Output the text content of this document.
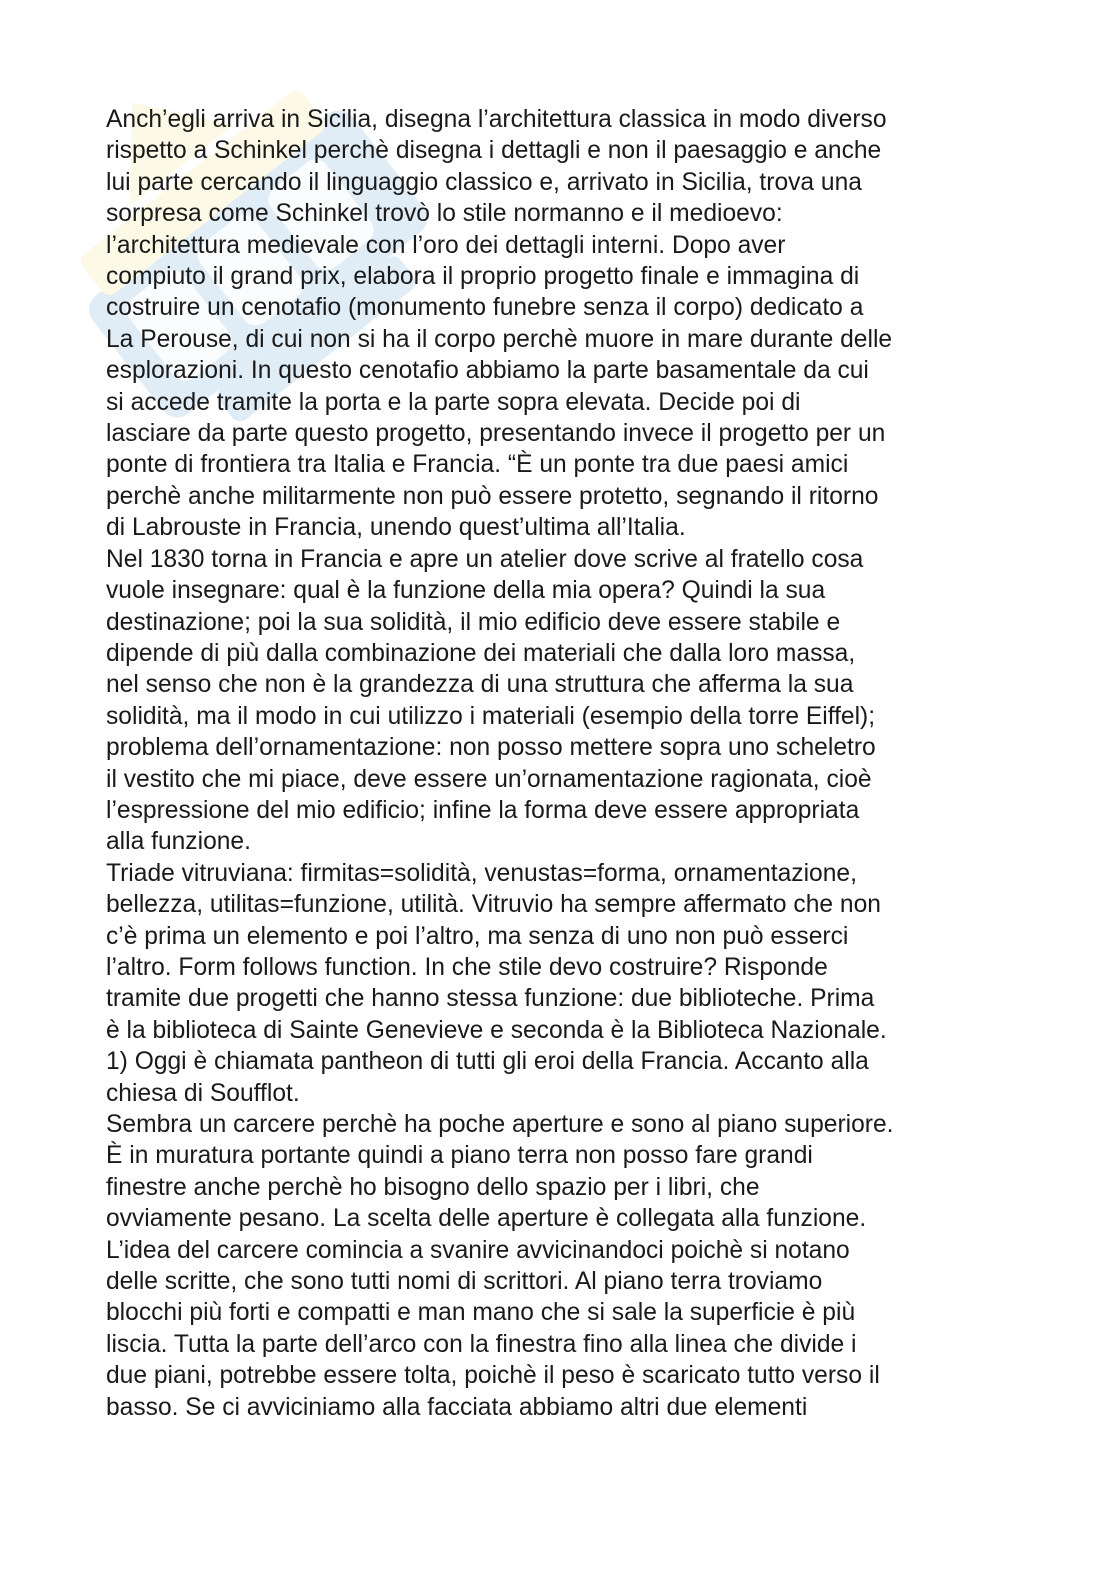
Anch’egli arriva in Sicilia, disegna l’architettura classica in modo diverso
rispetto a Schinkel perchè disegna i dettagli e non il paesaggio e anche
lui parte cercando il linguaggio classico e, arrivato in Sicilia, trova una
sorpresa come Schinkel trovò lo stile normanno e il medioevo:
l’architettura medievale con l’oro dei dettagli interni. Dopo aver
compiuto il grand prix, elabora il proprio progetto finale e immagina di
costruire un cenotafio (monumento funebre senza il corpo) dedicato a
La Perouse, di cui non si ha il corpo perchè muore in mare durante delle
esplorazioni. In questo cenotafio abbiamo la parte basamentale da cui
si accede tramite la porta e la parte sopra elevata. Decide poi di
lasciare da parte questo progetto, presentando invece il progetto per un
ponte di frontiera tra Italia e Francia. “È un ponte tra due paesi amici
perchè anche militarmente non può essere protetto, segnando il ritorno
di Labrouste in Francia, unendo quest’ultima all’Italia.
Nel 1830 torna in Francia e apre un atelier dove scrive al fratello cosa
vuole insegnare: qual è la funzione della mia opera? Quindi la sua
destinazione; poi la sua solidità, il mio edificio deve essere stabile e
dipende di più dalla combinazione dei materiali che dalla loro massa,
nel senso che non è la grandezza di una struttura che afferma la sua
solidità, ma il modo in cui utilizzo i materiali (esempio della torre Eiffel);
problema dell’ornamentazione: non posso mettere sopra uno scheletro
il vestito che mi piace, deve essere un’ornamentazione ragionata, cioè
l’espressione del mio edificio; infine la forma deve essere appropriata
alla funzione.
Triade vitruviana: firmitas=solidità, venustas=forma, ornamentazione,
bellezza, utilitas=funzione, utilità. Vitruvio ha sempre affermato che non
c’è prima un elemento e poi l’altro, ma senza di uno non può esserci
l’altro. Form follows function. In che stile devo costruire? Risponde
tramite due progetti che hanno stessa funzione: due biblioteche. Prima
è la biblioteca di Sainte Genevieve e seconda è la Biblioteca Nazionale.
1) Oggi è chiamata pantheon di tutti gli eroi della Francia. Accanto alla
chiesa di Soufflot.
Sembra un carcere perchè ha poche aperture e sono al piano superiore.
È in muratura portante quindi a piano terra non posso fare grandi
finestre anche perchè ho bisogno dello spazio per i libri, che
ovviamente pesano. La scelta delle aperture è collegata alla funzione.
L’idea del carcere comincia a svanire avvicinandoci poichè si notano
delle scritte, che sono tutti nomi di scrittori. Al piano terra troviamo
blocchi più forti e compatti e man mano che si sale la superficie è più
liscia. Tutta la parte dell’arco con la finestra fino alla linea che divide i
due piani, potrebbe essere tolta, poichè il peso è scaricato tutto verso il
basso. Se ci avviciniamo alla facciata abbiamo altri due elementi
